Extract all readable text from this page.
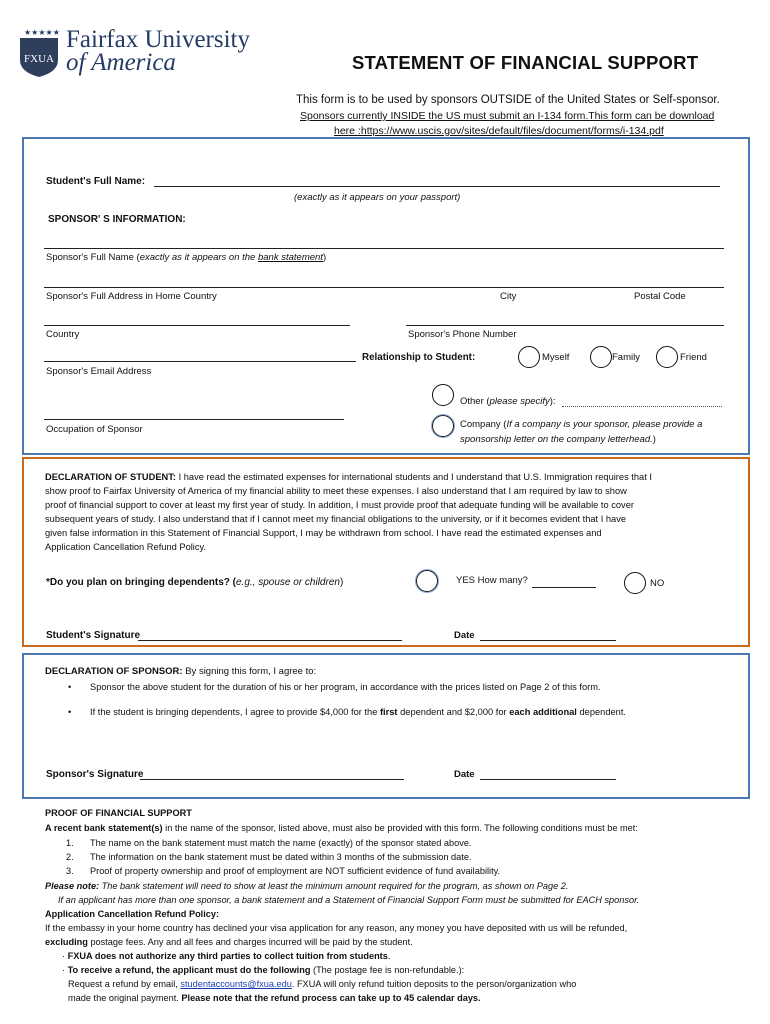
★★★★★
FXUA
Fairfax University
of America	STATEMENT OF FINANCIAL SUPPORT
This form is to be used by sponsors OUTSIDE of the United States or Self-sponsor.
Sponsors currently INSIDE the US must submit an I-134 form.This form can be download
here :https://www.uscis.gov/sites/default/files/document/forms/i-134.pdf
Student's Full Name:
(exactly as it appears on your passport)
SPONSOR' S INFORMATION:
Sponsor's Full Name (exactly as it appears on the bank statement)
Sponsor's Full Address in Home Country	City	Postal Code
Country	Sponsor's Phone Number
Sponsor's Email Address
Relationship to Student:	Myself	Family	Friend
Other (please specify):
Occupation of Sponsor	Company (If a company is your sponsor, please provide a
sponsorship letter on the company letterhead.)
DECLARATION OF STUDENT: I have read the estimated expenses for international students and I understand that U.S. Immigration requires that I
show proof to Fairfax University of America of my financial ability to meet these expenses. I also understand that I am required by law to show
proof of financial support to cover at least my first year of study. In addition, I must provide proof that adequate funding will be available to cover
subsequent years of study. I also understand that if I cannot meet my financial obligations to the university, or if it becomes evident that I have
given false information in this Statement of Financial Support, I may be withdrawn from school. I have read the estimated expenses and
Application Cancellation Refund Policy.
*Do you plan on bringing dependents? (e.g., spouse or children)	YES How many?	NO
Student's Signature	Date
DECLARATION OF SPONSOR: By signing this form, I agree to:
• Sponsor the above student for the duration of his or her program, in accordance with the prices listed on Page 2 of this form.
• If the student is bringing dependents, I agree to provide $4,000 for the first dependent and $2,000 for each additional dependent.
Sponsor's Signature	Date
PROOF OF FINANCIAL SUPPORT
A recent bank statement(s) in the name of the sponsor, listed above, must also be provided with this form. The following conditions must be met:
1. The name on the bank statement must match the name (exactly) of the sponsor stated above.
2. The information on the bank statement must be dated within 3 months of the submission date.
3. Proof of property ownership and proof of employment are NOT sufficient evidence of fund availability.
Please note: The bank statement will need to show at least the minimum amount required for the program, as shown on Page 2.
If an applicant has more than one sponsor, a bank statement and a Statement of Financial Support Form must be submitted for EACH sponsor.
Application Cancellation Refund Policy:
If the embassy in your home country has declined your visa application for any reason, any money you have deposited with us will be refunded,
excluding postage fees. Any and all fees and charges incurred will be paid by the student.
· FXUA does not authorize any third parties to collect tuition from students.
· To receive a refund, the applicant must do the following (The postage fee is non-refundable.):
Request a refund by email, studentaccounts@fxua.edu. FXUA will only refund tuition deposits to the person/organization who
made the original payment. Please note that the refund process can take up to 45 calendar days.
